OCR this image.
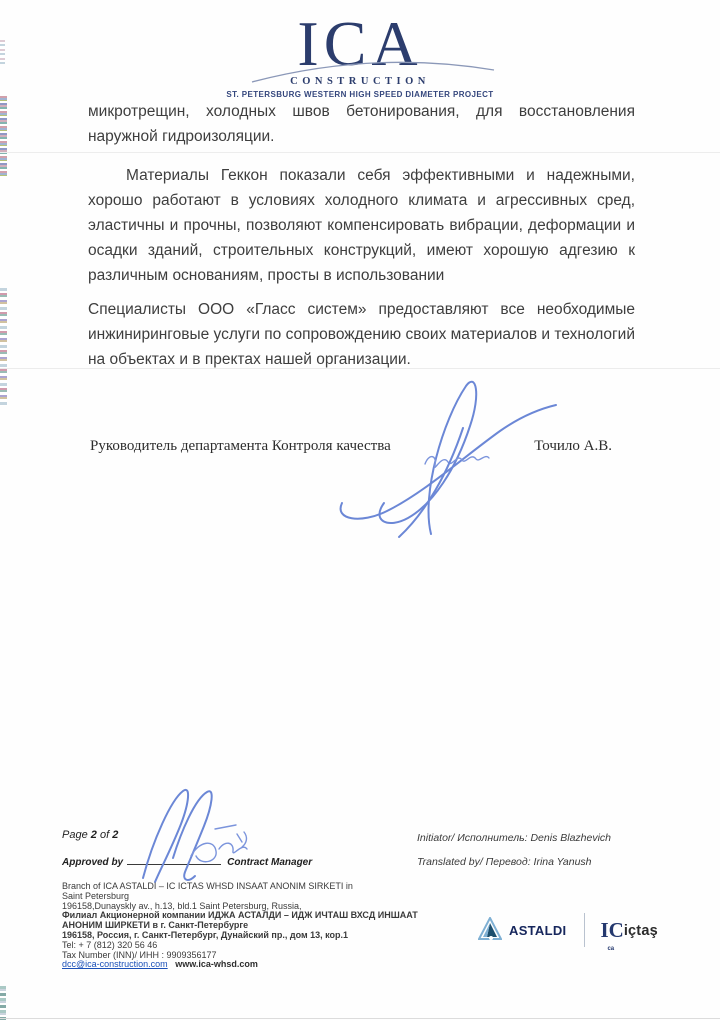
ICA
CONSTRUCTION
ST. PETERSBURG WESTERN HIGH SPEED DIAMETER PROJECT

микротрещин, холодных швов бетонирования, для восстановления наружной гидроизоляции.

Материалы Геккон показали себя эффективными и надежными, хорошо работают в условиях холодного климата и агрессивных сред, эластичны и прочны, позволяют компенсировать вибрации, деформации и осадки зданий, строительных конструкций, имеют хорошую адгезию к различным основаниям, просты в использовании

Специалисты ООО «Гласс систем» предоставляют все необходимые инжиниринговые услуги по сопровождению своих материалов и технологий на объектах и в пректах нашей организации.

Руководитель департамента Контроля качества	Точило А.В.
Page 2 of 2
Approved by	Contract Manager
Initiator/ Исполнитель: Denis Blazhevich
Translated by/ Перевод: Irina Yanush
Branch of ICA ASTALDI – IC ICTAS WHSD INSAAT ANONIM SIRKETI in
Saint Petersburg
196158,Dunayskly av., h.13, bld.1 Saint Petersburg, Russia,
Филиал Акционерной компании ИДЖА АСТАЛДИ – ИДЖ ИЧТАШ ВХСД ИНШААТ
АНОНИМ ШИРКЕТИ в г. Санкт-Петербурге
196158, Россия, г. Санкт-Петербург, Дунайский пр., дом 13, кор.1
Tel: + 7 (812) 320 56 46
Tax Number (INN)/ ИНН : 9909356177
dcc@ica-construction.com www.ica-whsd.com
ASTALDI IC
ca
içtaş
